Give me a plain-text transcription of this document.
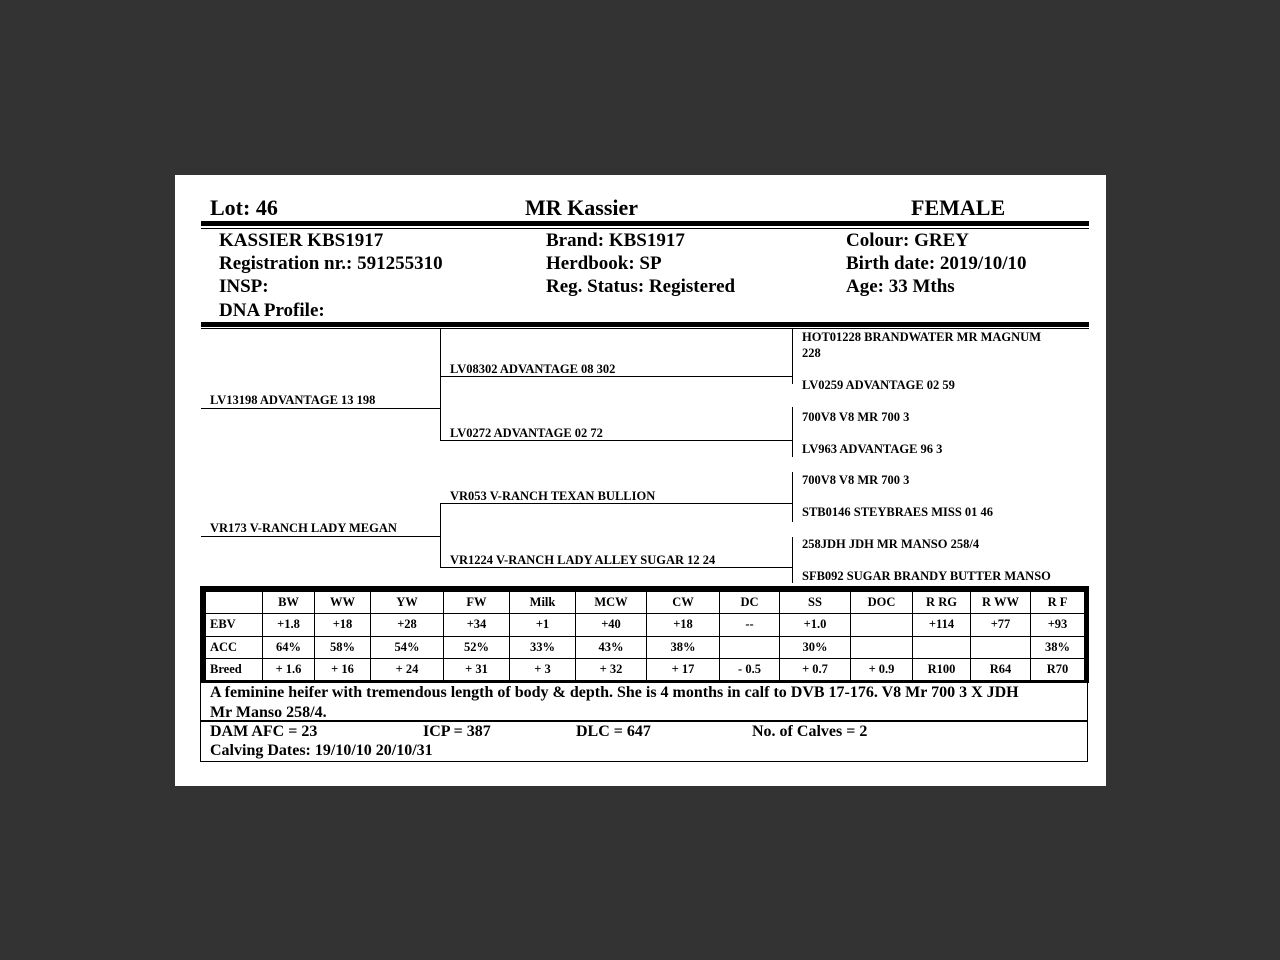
Lot: 46	MR Kassier	FEMALE
KASSIER KBS1917
Registration nr.: 591255310
INSP:
DNA Profile:
Brand: KBS1917
Herdbook: SP
Reg. Status: Registered
Colour: GREY
Birth date: 2019/10/10
Age: 33 Mths
LV13198 ADVANTAGE 13 198
VR173 V-RANCH LADY MEGAN
LV08302 ADVANTAGE 08 302
LV0272 ADVANTAGE 02 72
VR053 V-RANCH TEXAN BULLION
VR1224 V-RANCH LADY ALLEY SUGAR 12 24
HOT01228 BRANDWATER MR MAGNUM
228
LV0259 ADVANTAGE 02 59
700V8 V8 MR 700 3
LV963 ADVANTAGE 96 3
700V8 V8 MR 700 3
STB0146 STEYBRAES MISS 01 46
258JDH JDH MR MANSO 258/4
SFB092 SUGAR BRANDY BUTTER MANSO
	BW	WW	YW	FW	Milk	MCW	CW	DC	SS	DOC	R RG	R WW	R F
EBV	+1.8	+18	+28	+34	+1	+40	+18	--	+1.0		+114	+77	+93
ACC	64%	58%	54%	52%	33%	43%	38%		30%				38%
Breed	+ 1.6	+ 16	+ 24	+ 31	+ 3	+ 32	+ 17	- 0.5	+ 0.7	+ 0.9	R100	R64	R70
A feminine heifer with tremendous length of body & depth. She is 4 months in calf to DVB 17-176. V8 Mr 700 3 X JDH
Mr Manso 258/4.
DAM AFC = 23	ICP = 387	DLC = 647	No. of Calves = 2
Calving Dates: 19/10/10 20/10/31
